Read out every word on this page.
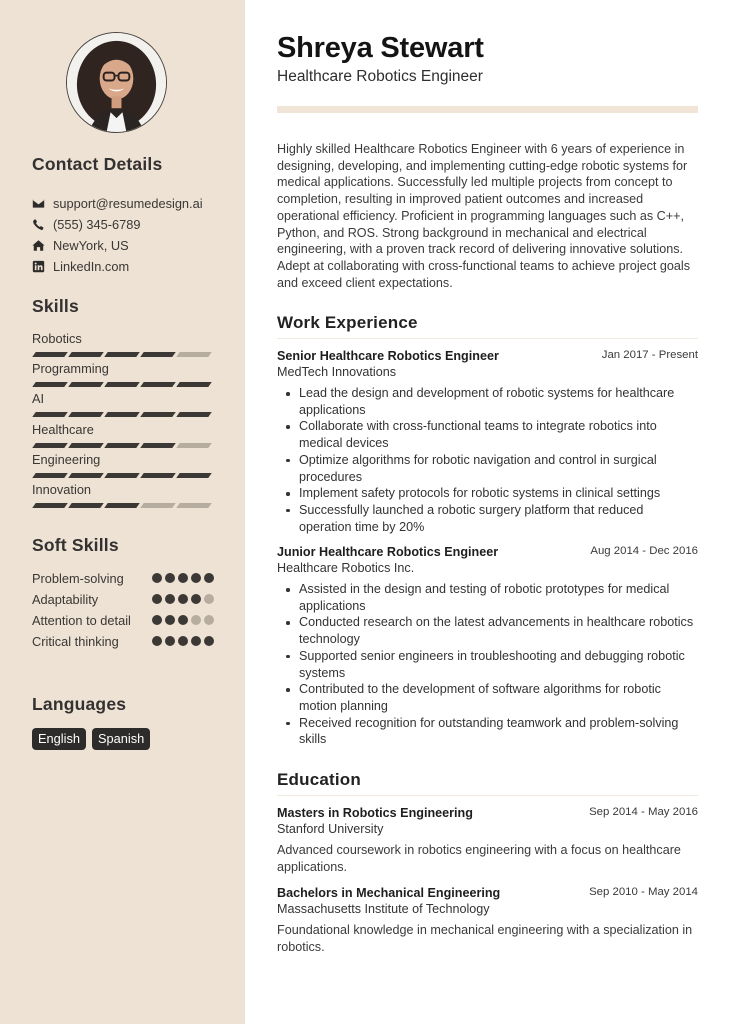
Contact Details
support@resumedesign.ai
(555) 345-6789
NewYork, US
LinkedIn.com
Skills
Robotics
Programming
AI
Healthcare
Engineering
Innovation
Soft Skills
Problem-solving
Adaptability
Attention to detail
Critical thinking
Languages
English	Spanish
Shreya Stewart
Healthcare Robotics Engineer

Highly skilled Healthcare Robotics Engineer with 6 years of experience in designing, developing, and implementing cutting-edge robotic systems for medical applications. Successfully led multiple projects from concept to completion, resulting in improved patient outcomes and increased operational efficiency. Proficient in programming languages such as C++, Python, and ROS. Strong background in mechanical and electrical engineering, with a proven track record of delivering innovative solutions. Adept at collaborating with cross-functional teams to achieve project goals and exceed client expectations.

Work Experience
Senior Healthcare Robotics Engineer	Jan 2017 - Present
MedTech Innovations
Lead the design and development of robotic systems for healthcare applications
Collaborate with cross-functional teams to integrate robotics into medical devices
Optimize algorithms for robotic navigation and control in surgical procedures
Implement safety protocols for robotic systems in clinical settings
Successfully launched a robotic surgery platform that reduced operation time by 20%
Junior Healthcare Robotics Engineer	Aug 2014 - Dec 2016
Healthcare Robotics Inc.
Assisted in the design and testing of robotic prototypes for medical applications
Conducted research on the latest advancements in healthcare robotics technology
Supported senior engineers in troubleshooting and debugging robotic systems
Contributed to the development of software algorithms for robotic motion planning
Received recognition for outstanding teamwork and problem-solving skills
Education
Masters in Robotics Engineering	Sep 2014 - May 2016
Stanford University
Advanced coursework in robotics engineering with a focus on healthcare applications.
Bachelors in Mechanical Engineering	Sep 2010 - May 2014
Massachusetts Institute of Technology
Foundational knowledge in mechanical engineering with a specialization in robotics.
